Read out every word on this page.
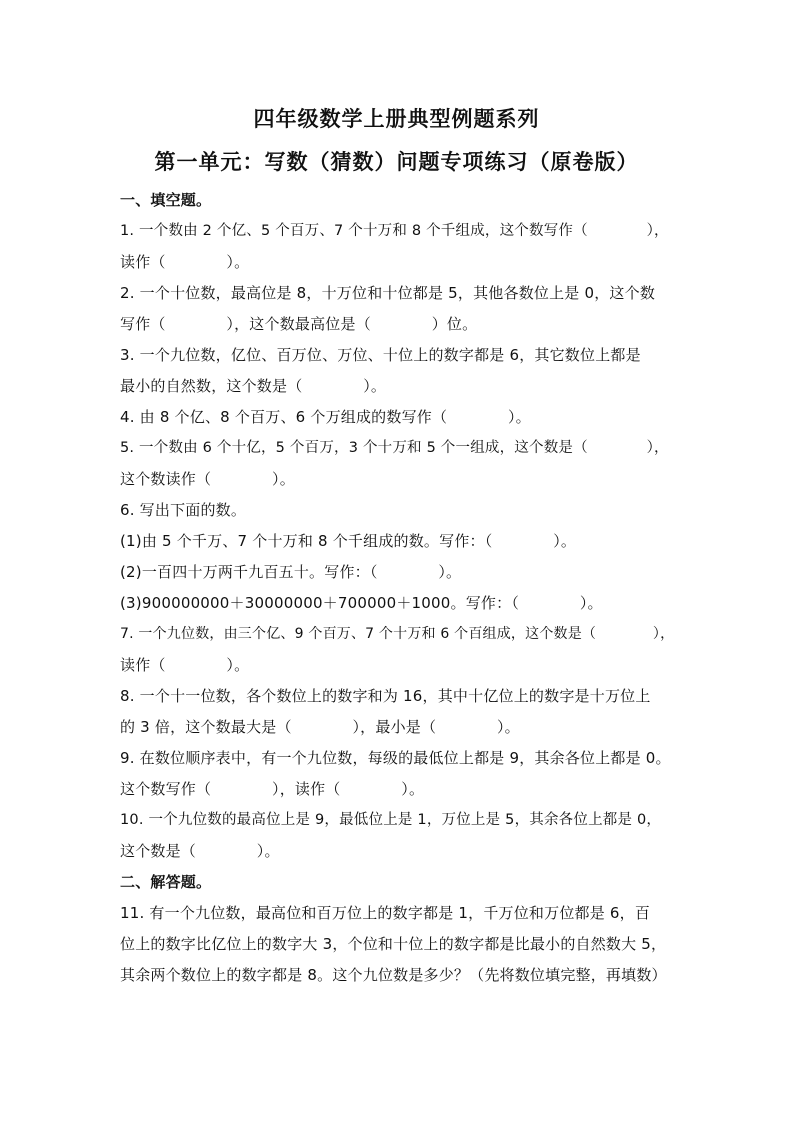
四年级数学上册典型例题系列
第一单元：写数（猜数）问题专项练习（原卷版）
一、填空题。
1. 一个数由 2 个亿、5 个百万、7 个十万和 8 个千组成，这个数写作（　　　　），
读作（　　　　）。
2. 一个十位数，最高位是 8，十万位和十位都是 5，其他各数位上是 0，这个数
写作（　　　　），这个数最高位是（　　　　）位。
3. 一个九位数，亿位、百万位、万位、十位上的数字都是 6，其它数位上都是
最小的自然数，这个数是（　　　　）。
4. 由 8 个亿、8 个百万、6 个万组成的数写作（　　　　）。
5. 一个数由 6 个十亿，5 个百万，3 个十万和 5 个一组成，这个数是（　　　　），
这个数读作（　　　　）。
6. 写出下面的数。
(1)由 5 个千万、7 个十万和 8 个千组成的数。写作：（　　　　）。
(2)一百四十万两千九百五十。写作：（　　　　）。
(3)900000000＋30000000＋700000＋1000。写作：（　　　　）。
7. 一个九位数，由三个亿、9 个百万、7 个十万和 6 个百组成，这个数是（　　　　），
读作（　　　　）。
8. 一个十一位数，各个数位上的数字和为 16，其中十亿位上的数字是十万位上
的 3 倍，这个数最大是（　　　　），最小是（　　　　）。
9. 在数位顺序表中，有一个九位数，每级的最低位上都是 9，其余各位上都是 0。
这个数写作（　　　　），读作（　　　　）。
10. 一个九位数的最高位上是 9，最低位上是 1，万位上是 5，其余各位上都是 0，
这个数是（　　　　）。
二、解答题。
11. 有一个九位数，最高位和百万位上的数字都是 1，千万位和万位都是 6，百
位上的数字比亿位上的数字大 3，个位和十位上的数字都是比最小的自然数大 5，
其余两个数位上的数字都是 8。这个九位数是多少？（先将数位填完整，再填数）
